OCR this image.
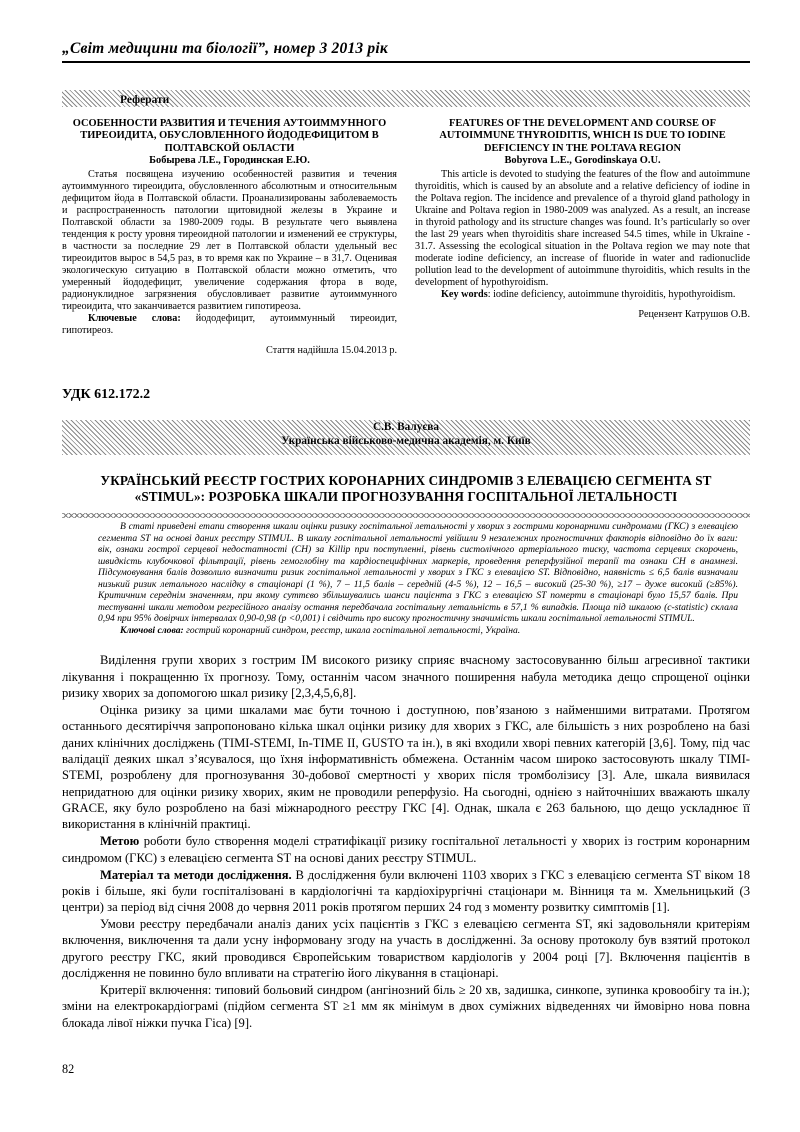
„Світ медицини та біології”, номер 3 2013 рік
Реферати
ОСОБЕННОСТИ РАЗВИТИЯ И ТЕЧЕНИЯ АУТОИММУННОГО ТИРЕОИДИТА, ОБУСЛОВЛЕННОГО ЙОДОДЕФИЦИТОМ В ПОЛТАВСКОЙ ОБЛАСТИ
Бобырева Л.Е., Городинская Е.Ю.

Статья посвящена изучению особенностей развития и течения аутоиммунного тиреоидита, обусловленного абсолютным и относительным дефицитом йода в Полтавской области. Проанализированы заболеваемость и распространенность патологии щитовидной железы в Украине и Полтавской области за 1980-2009 годы. В результате чего выявлена тенденция к росту уровня тиреоидной патологии и изменений ее структуры, в частности за последние 29 лет в Полтавской области удельный вес тиреоидитов вырос в 54,5 раз, в то время как по Украине – в 31,7. Оценивая экологическую ситуацию в Полтавской области можно отметить, что умеренный йододефицит, увеличение содержания фтора в воде, радионуклидное загрязнения обусловливает развитие аутоиммунного тиреоидита, что заканчивается развитием гипотиреоза.

Ключевые слова: йододефицит, аутоиммунный тиреоидит, гипотиреоз.

Стаття надійшла 15.04.2013 р.
FEATURES OF THE DEVELOPMENT AND COURSE OF AUTOIMMUNE THYROIDITIS, WHICH IS DUE TO IODINE DEFICIENCY IN THE POLTAVA REGION
Bobyrova L.E., Gorodinskaya O.U.

This article is devoted to studying the features of the flow and autoimmune thyroiditis, which is caused by an absolute and a relative deficiency of iodine in the Poltava region. The incidence and prevalence of a thyroid gland pathology in Ukraine and Poltava region in 1980-2009 was analyzed. As a result, an increase in thyroid pathology and its structure changes was found. It’s particularly so over the last 29 years when thyroiditis share increased 54.5 times, while in Ukraine - 31.7. Assessing the ecological situation in the Poltava region we may note that moderate iodine deficiency, an increase of fluoride in water and radionuclide pollution lead to the development of autoimmune thyroiditis, which results in the development of hypothyroidism.

Key words: iodine deficiency, autoimmune thyroiditis, hypothyroidism.

Рецензент Катрушов О.В.
УДК 612.172.2
С.В. Валуєва
Українська військово-медична академія, м. Київ
УКРАЇНСЬКИЙ РЕЄСТР ГОСТРИХ КОРОНАРНИХ СИНДРОМІВ З ЕЛЕВАЦІЄЮ СЕГМЕНТА ST
«STIMUL»: РОЗРОБКА ШКАЛИ ПРОГНОЗУВАННЯ ГОСПІТАЛЬНОЇ ЛЕТАЛЬНОСТІ

В статі приведені етапи створення шкали оцінки ризику госпітальної летальності у хворих з гострими коронарними синдромами (ГКС) з елевацією сегмента ST на основі даних реєстру STIMUL. В шкалу госпітальної летальності увійшли 9 незалежних прогностичних факторів відповідно до їх ваги: вік, ознаки гострої серцевої недостатності (СН) за Killip при поступленні, рівень систолічного артеріального тиску, частота серцевих скорочень, швидкість клубочкової фільтрації, рівень гемоглобіну та кардіоспецифічних маркерів, проведення реперфузійної терапії та ознаки СН в анамнезі. Підсумовування балів дозволило визначити ризик госпітальної летальності у хворих з ГКС з елевацією ST. Відповідно, наявність ≤ 6,5 балів визначали низький ризик летального наслідку в стаціонарі (1 %), 7 – 11,5 балів – середній (4-5 %), 12 – 16,5 – високий (25-30 %), ≥17 – дуже високий (≥85%). Критичним середнім значенням, при якому суттєво збільшувались шанси пацієнта з ГКС з елевацією ST померти в стаціонарі було 15,57 балів. При тестуванні шкали методом регресійного аналізу остання передбачала госпітальну летальність в 57,1 % випадків. Площа під шкалою (c-statistic) склала 0,94 при 95% довірчих інтервалах 0,90-0,98 (p <0,001) і свідчить про високу прогностичну значимість шкали госпітальної летальності STIMUL.

Ключові слова: гострий коронарний синдром, реєстр, шкала госпітальної летальності, Україна.

Виділення групи хворих з гострим ІМ високого ризику сприяє вчасному застосовуванню більш агресивної тактики лікування і покращенню їх прогнозу. Тому, останнім часом значного поширення набула методика дещо спрощеної оцінки ризику хворих за допомогою шкал ризику [2,3,4,5,6,8].

Оцінка ризику за цими шкалами має бути точною і доступною, пов’язаною з найменшими витратами. Протягом останнього десятиріччя запропоновано кілька шкал оцінки ризику для хворих з ГКС, але більшість з них розроблено на базі даних клінічних досліджень (TIMI-STEMI, In-TIME II, GUSTO та ін.), в які входили хворі певних категорій [3,6]. Тому, під час валідації деяких шкал з’ясувалося, що їхня інформативність обмежена. Останнім часом широко застосовують шкалу TIMI-STEMI, розроблену для прогнозування 30-добової смертності у хворих після тромболізису [3]. Але, шкала виявилася непридатною для оцінки ризику хворих, яким не проводили реперфузіо. На сьогодні, однією з найточніших вважають шкалу GRACE, яку було розроблено на базі міжнародного реєстру ГКС [4]. Однак, шкала є 263 бальною, що дещо ускладнює її використання в клінічній практиці.

Метою роботи було створення моделі стратифікації ризику госпітальної летальності у хворих із гострим коронарним синдромом (ГКС) з елевацією сегмента ST на основі даних реєстру STIMUL.

Матеріал та методи дослідження. В дослідження були включені 1103 хворих з ГКС з елевацією сегмента ST віком 18 років і більше, які були госпіталізовані в кардіологічні та кардіохірургічні стаціонари м. Вінниця та м. Хмельницький (3 центри) за період від січня 2008 до червня 2011 років протягом перших 24 год з моменту розвитку симптомів [1].

Умови реєстру передбачали аналіз даних усіх пацієнтів з ГКС з елевацією сегмента ST, які задовольняли критеріям включення, виключення та дали усну інформовану згоду на участь в дослідженні. За основу протоколу був взятий протокол другого реєстру ГКС, який проводився Європейським товариством кардіологів у 2004 році [7]. Включення пацієнтів в дослідження не повинно було впливати на стратегію його лікування в стаціонарі.

Критерії включення: типовий больовий синдром (ангінозний біль ≥ 20 хв, задишка, синкопе, зупинка кровообігу та ін.); зміни на електрокардіограмі (підйом сегмента ST ≥1 мм як мінімум в двох суміжних відведеннях чи ймовірно нова повна блокада лівої ніжки пучка Гіса) [9].

82
